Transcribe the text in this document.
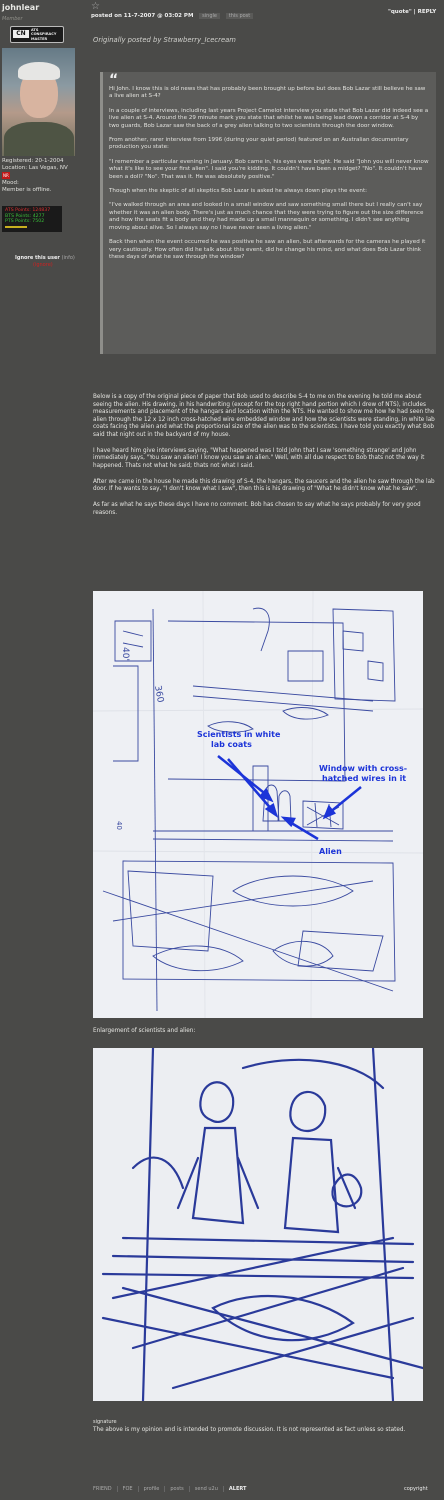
johnlear
Member
CN	ATS
CONSPIRACY
MASTER
Registered: 20-1-2004
Location: Las Vegas, NV
NR
Mood:
Member is offline.
ATS Points: 124837
BTS Points: 4277
PTS Points: 7502
Ignore this user (info)
(ignore)
☆
posted on 11-7-2007 @ 03:02 PM single this post
"quote" | REPLY
Originally posted by Strawberry_Icecream
“

Hi John. I know this is old news that has probably been brought up before but does Bob Lazar still believe he saw a live alien at S-4?

In a couple of interviews, including last years Project Camelot interview you state that Bob Lazar did indeed see a live alien at S-4. Around the 29 minute mark you state that whilst he was being lead down a corridor at S-4 by two guards, Bob Lazar saw the back of a grey alien talking to two scientists through the door window.

From another, rarer interview from 1996 (during your quiet period) featured on an Australian documentary production you state:

"I remember a particular evening in January. Bob came in, his eyes were bright. He said "John you will never know what it's like to see your first alien". I said you're kidding. It couldn't have been a midget? "No". It couldn't have been a doll? "No". That was it. He was absolutely positive."

Though when the skeptic of all skeptics Bob Lazar is asked he always down plays the event:

"I've walked through an area and looked in a small window and saw something small there but I really can't say whether it was an alien body. There's just as much chance that they were trying to figure out the size difference and how the seats fit a body and they had made up a small mannequin or something. I didn't see anything moving about alive. So I always say no I have never seen a living alien."

Back then when the event occurred he was positive he saw an alien, but afterwards for the cameras he played it very cautiously. How often did he talk about this event, did he change his mind, and what does Bob Lazar think these days of what he saw through the window?

Below is a copy of the original piece of paper that Bob used to describe S-4 to me on the evening he told me about seeing the alien. His drawing, in his handwriting (except for the top right hand portion which I drew of NTS), includes measurements and placement of the hangars and location within the NTS. He wanted to show me how he had seen the alien through the 12 x 12 inch cross-hatched wire embedded window and how the scientists were standing, in white lab coats facing the alien and what the proportional size of the alien was to the scientists. I have told you exactly what Bob said that night out in the backyard of my house.

I have heard him give interviews saying, "What happened was I told John that I saw 'something strange' and John immediately says, "You saw an alien! I know you saw an alien." Well, with all due respect to Bob thats not the way it happened. Thats not what he said; thats not what I said.

After we came in the house he made this drawing of S-4, the hangars, the saucers and the alien he saw through the lab door. If he wants to say, "I don't know what I saw", then this is his drawing of "What he didn't know what he saw".

As far as what he says these days I have no comment. Bob has chosen to say what he says probably for very good reasons.

40'
360
40
Scientists in white
lab coats
Window with cross-
hatched wires in it
Alien
Enlargement of scientists and alien:
signature
The above is my opinion and is intended to promote discussion. It is not represented as fact unless so stated.
FRIEND FOE profile posts send u2u ALERT	copyright
